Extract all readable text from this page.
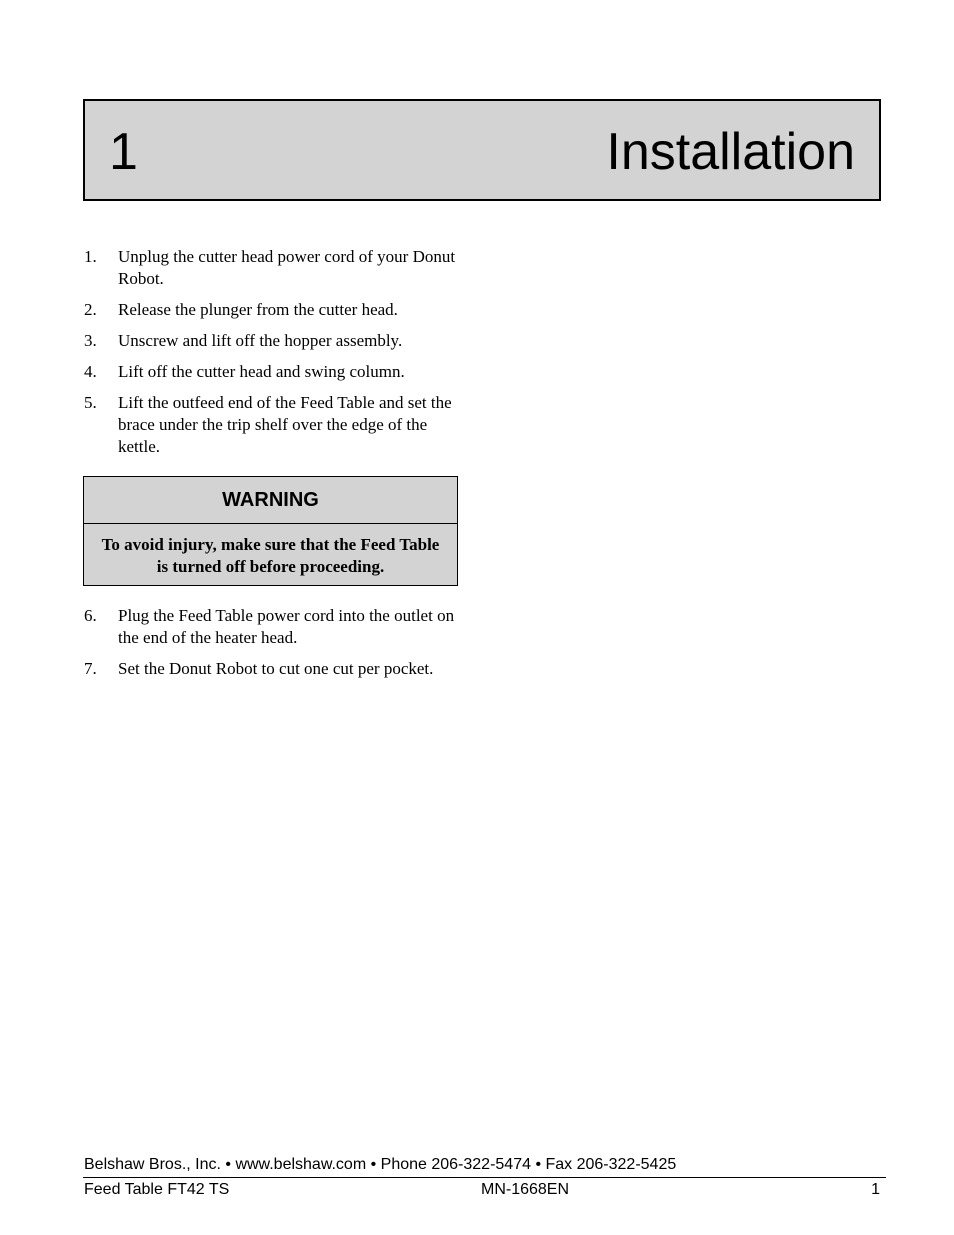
1	Installation
1. Unplug the cutter head power cord of your Donut Robot.
2. Release the plunger from the cutter head.
3. Unscrew and lift off the hopper assembly.
4. Lift off the cutter head and swing column.
5. Lift the outfeed end of the Feed Table and set the brace under the trip shelf over the edge of the kettle.
WARNING
To avoid injury, make sure that the Feed Table is turned off before proceeding.
6. Plug the Feed Table power cord into the outlet on the end of the heater head.
7. Set the Donut Robot to cut one cut per pocket.
Belshaw Bros., Inc. • www.belshaw.com • Phone 206-322-5474 • Fax 206-322-5425
Feed Table FT42 TS	MN-1668EN	1
